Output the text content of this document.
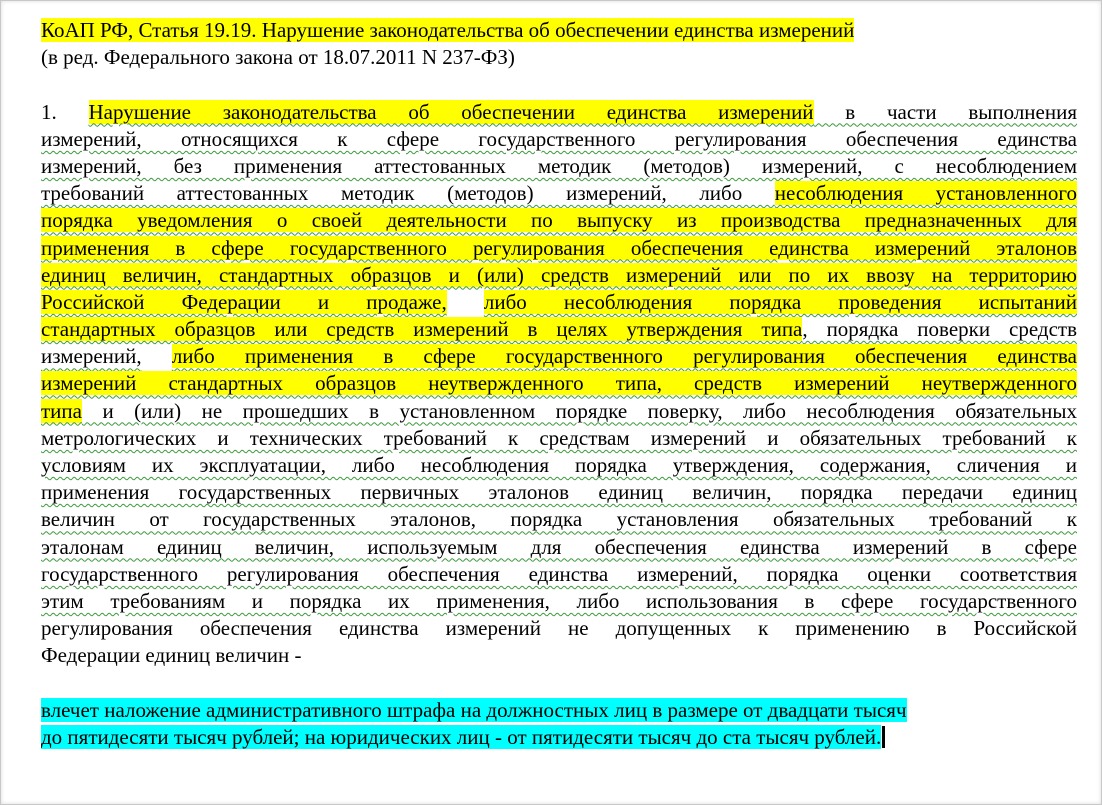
КоАП РФ, Статья 19.19. Нарушение законодательства об обеспечении единства измерений
(в ред. Федерального закона от 18.07.2011 N 237-ФЗ)
1. Нарушение законодательства об обеспечении единства измерений в части выполнения
измерений, относящихся к сфере государственного регулирования обеспечения единства
измерений, без применения аттестованных методик (методов) измерений, с несоблюдением
требований аттестованных методик (методов) измерений, либо несоблюдения установленного
порядка уведомления о своей деятельности по выпуску из производства предназначенных для
применения в сфере государственного регулирования обеспечения единства измерений эталонов
единиц величин, стандартных образцов и (или) средств измерений или по их ввозу на территорию
Российской Федерации и продаже, либо несоблюдения порядка проведения испытаний
стандартных образцов или средств измерений в целях утверждения типа, порядка поверки средств
измерений, либо применения в сфере государственного регулирования обеспечения единства
измерений стандартных образцов неутвержденного типа, средств измерений неутвержденного
типа и (или) не прошедших в установленном порядке поверку, либо несоблюдения обязательных
метрологических и технических требований к средствам измерений и обязательных требований к
условиям их эксплуатации, либо несоблюдения порядка утверждения, содержания, сличения и
применения государственных первичных эталонов единиц величин, порядка передачи единиц
величин от государственных эталонов, порядка установления обязательных требований к
эталонам единиц величин, используемым для обеспечения единства измерений в сфере
государственного регулирования обеспечения единства измерений, порядка оценки соответствия
этим требованиям и порядка их применения, либо использования в сфере государственного
регулирования обеспечения единства измерений не допущенных к применению в Российской
Федерации единиц величин -
влечет наложение административного штрафа на должностных лиц в размере от двадцати тысяч
до пятидесяти тысяч рублей; на юридических лиц - от пятидесяти тысяч до ста тысяч рублей.
